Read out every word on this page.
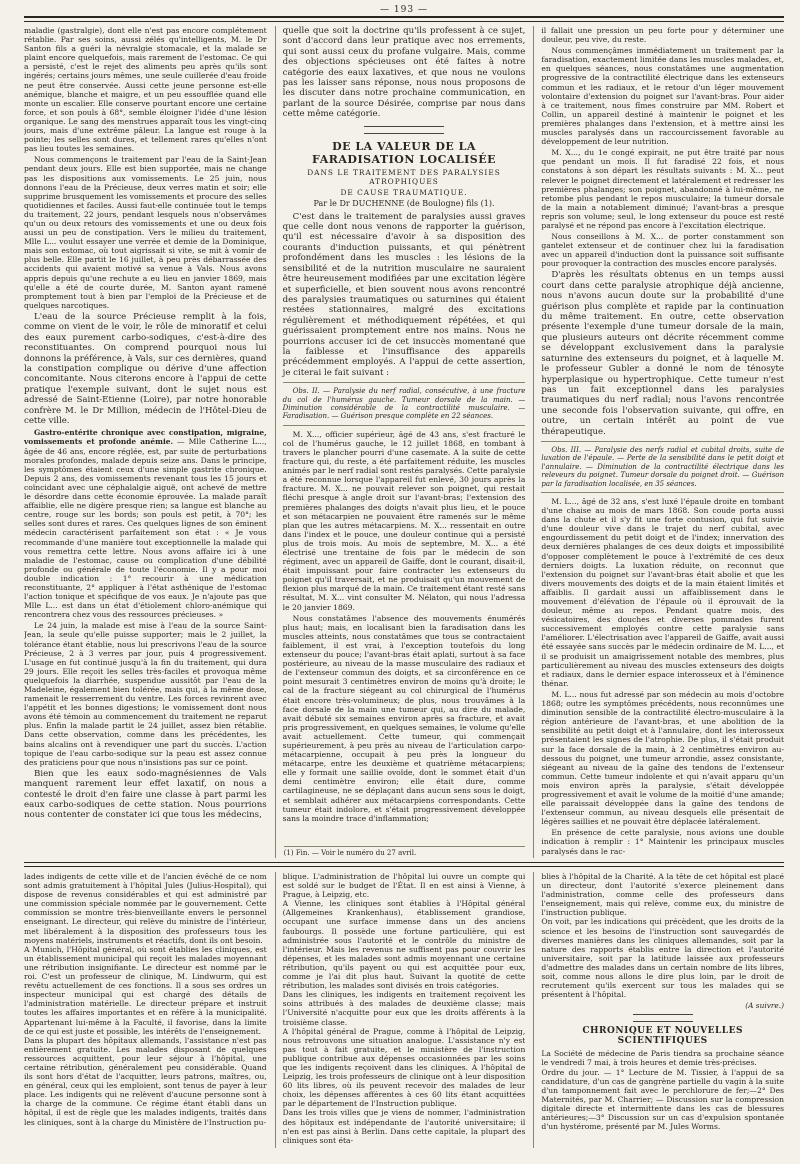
— 193 —

maladie (gastralgie), dont elle n'est pas encore complétement rétablie. Par ses soins, aussi zélés qu'intelligents, M. le Dr Santon fils a guéri la névralgie stomacale, et la malade se plaint encore quelquefois, mais rarement de l'estomac. Ce qui a persisté, c'est le rejet des aliments peu après qu'ils sont ingérés; certains jours mêmes, une seule cuillerée d'eau froide ne peut être conservée. Aussi cette jeune personne est-elle anémique, blanche et maigre, et un peu essoufflée quand elle monte un escalier. Elle conserve pourtant encore une certaine force, et son pouls à 68°, semble éloigner l'idée d'une lésion organique. Le sang des menstrues apparaît tous les vingt-cinq jours, mais d'une extrême pâleur. La langue est rouge à la pointe; les selles sont dures, et tellement rares qu'elles n'ont pas lieu toutes les semaines.

Nous commençons le traitement par l'eau de la Saint-Jean pendant deux jours. Elle est bien supportée, mais ne change pas les dispositions aux vomissements. Le 25 juin, nous donnons l'eau de la Précieuse, deux verres matin et soir; elle supprime brusquement les vomissements et procure des selles quotidiennes et faciles. Aussi faut-elle continuée tout le temps du traitement, 22 jours, pendant lesquels nous n'observâmes qu'un ou deux retours des vomissements et une ou deux fois aussi un peu de constipation. Vers le milieu du traitement, Mlle L... voulut essayer une verrée et demie de la Dominique, mais son estomac, où tout aigrissait si vite, se mit à vomir de plus belle. Elle partit le 16 juillet, à peu près débarrassée des accidents qui avaient motivé sa venue à Vals. Nous avons appris depuis qu'une rechute a eu lieu en janvier 1869, mais qu'elle a été de courte durée, M. Santon ayant ramené promptement tout à bien par l'emploi de la Précieuse et de quelques narcotiques.

L'eau de la source Précieuse remplit à la fois, comme on vient de le voir, le rôle de minoratif et celui des eaux purement carbo-sodiques, c'est-à-dire des reconstituantes. On comprend pourquoi nous lui donnons la préférence, à Vals, sur ces dernières, quand la constipation complique ou dérive d'une affection concomitante. Nous citerons encore à l'appui de cette pratique l'exemple suivant, dont le sujet nous est adressé de Saint-Etienne (Loire), par notre honorable confrère M. le Dr Million, médecin de l'Hôtel-Dieu de cette ville.

Gastro-entérite chronique avec constipation, migraine, vomissements et profonde anémie. — Mlle Catherine L..., âgée de 46 ans, encore réglée, est, par suite de perturbations morales profondes, malade depuis seize ans. Dans le principe, les symptômes étaient ceux d'une simple gastrite chronique. Depuis 2 ans, des vomissements revenant tous les 15 jours et coïncidant avec une céphalalgie aiguë, ont achevé de mettre le désordre dans cette économie éprouvée. La malade paraît affaiblie, elle ne digère presque rien; sa langue est blanche au centre, rouge sur les bords; son pouls est petit, à 70°; les selles sont dures et rares. Ces quelques lignes de son éminent médecin caractérisent parfaitement son état : « Je vous recommande d'une manière tout exceptionnelle la malade qui vous remettra cette lettre. Nous avons affaire ici à une maladie de l'estomac, cause ou complication d'une débilité profonde ou générale de toute l'économie. Il y a pour moi double indication : 1° recourir à une médication reconstituante, 2° appliquer à l'état asthénique de l'estomac l'action tonique et spécifique de vos eaux. Je n'ajoute pas que Mlle L... est dans un état d'étiolement chloro-anémique qui rencontrera chez vous des ressources précieuses. »

Le 24 juin, la malade est mise à l'eau de la source Saint-Jean, la seule qu'elle puisse supporter; mais le 2 juillet, la tolérance étant établie, nous lui prescrivons l'eau de la source Précieuse, 2 à 3 verres par jour, puis 4 progressivement. L'usage en fut continué jusqu'à la fin du traitement, qui dura 29 jours. Elle reçoit les selles très-faciles et provoqua même quelquefois la diarrhée, suspendue aussitôt par l'eau de la Madeleine, également bien tolérée, mais qui, à la même dose, ramenait le resserrement du ventre. Les forces revinrent avec l'appétit et les bonnes digestions; le vomissement dont nous avons été témoin au commencement du traitement ne reparut plus. Enfin la malade partit le 24 juillet, assez bien rétablie. Dans cette observation, comme dans les précédentes, les bains alcalins ont à revendiquer une part du succès. L'action topique de l'eau carbo-sodique sur la peau est assez connue des praticiens pour que nous n'insistions pas sur ce point.

Bien que les eaux sodo-magnésiennes de Vals manquent rarement leur effet laxatif, on nous a contesté le droit d'en faire une classe à part parmi les eaux carbo-sodiques de cette station. Nous pourrions nous contenter de constater ici que tous les médecins,

quelle que soit la doctrine qu'ils professent à ce sujet, sont d'accord dans leur pratique avec nos errements, qui sont aussi ceux du profane vulgaire. Mais, comme des objections spécieuses ont été faites à notre catégorie des eaux laxatives, et que nous ne voulons pas les laisser sans réponse, nous nous proposons de les discuter dans notre prochaine communication, en parlant de la source Désirée, comprise par nous dans cette même catégorie.

DE LA VALEUR DE LA FARADISATION LOCALISÉE
DANS LE TRAITEMENT DES PARALYSIES ATROPHIQUES
DE CAUSE TRAUMATIQUE.
Par le Dr DUCHENNE (de Boulogne) fils (1).

C'est dans le traitement de paralysies aussi graves que celle dont nous venons de rapporter la guérison, qu'il est nécessaire d'avoir à sa disposition des courants d'induction puissants, et qui pénètrent profondément dans les muscles : les lésions de la sensibilité et de la nutrition musculaire ne sauraient être heureusement modifiées par une excitation légère et superficielle, et bien souvent nous avons rencontré des paralysies traumatiques ou saturnines qui étaient restées stationnaires, malgré des excitations régulièrement et méthodiquement répétées, et qui guérissaient promptement entre nos mains. Nous ne pourrions accuser ici de cet insuccès momentané que la faiblesse et l'insuffisance des appareils précédemment employés. A l'appui de cette assertion, je citerai le fait suivant :

Obs. II. — Paralysie du nerf radial, consécutive, à une fracture du col de l'humérus gauche. Tumeur dorsale de la main. — Diminution considérable de la contractilité musculaire. — Faradisation. — Guérison presque complète en 22 séances.

M. X..., officier supérieur, âgé de 43 ans, s'est fracturé le col de l'humérus gauche, le 12 juillet 1868, en tombant à travers le plancher pourri d'une casemate. A la suite de cette fracture qui, du reste, a été parfaitement réduite, les muscles animés par le nerf radial sont restés paralysés. Cette paralysie a été reconnue lorsque l'appareil fut enlevé, 30 jours après la fracture. M. X... ne pouvait relever son poignet, qui restait fléchi presque à angle droit sur l'avant-bras; l'extension des premières phalanges des doigts n'avait plus lieu, et le pouce et son métacarpien ne pouvaient être ramenés sur le même plan que les autres métacarpiens. M. X... ressentait en outre dans l'index et le pouce, une douleur continue qui a persisté plus de trois mois. Au mois de septembre, M. X... a été électrisé une trentaine de fois par le médecin de son régiment, avec un appareil de Gaiffe, dont le courant, disait-il, était impuissant pour faire contracter les extenseurs du poignet qu'il traversait, et ne produisait qu'un mouvement de flexion plus marqué de la main. Ce traitement étant resté sans résultat, M. X... vint consulter M. Nélaton, qui nous l'adressa le 20 janvier 1869.

Nous constatâmes l'absence des mouvements énumérés plus haut; mais, en localisant bien la faradisation dans les muscles atteints, nous constatâmes que tous se contractaient faiblement, il est vrai, à l'exception toutefois du long extenseur du pouce; l'avant-bras était aplati, surtout à sa face postérieure, au niveau de la masse musculaire des radiaux et de l'extenseur commun des doigts, et sa circonférence en ce point mesurait 3 centimètres environ de moins qu'à droite; le cal de la fracture siégeant au col chirurgical de l'humérus était encore très-volumineux; de plus, nous trouvâmes à la face dorsale de la main une tumeur qui, au dire du malade, avait débuté six semaines environ après sa fracture, et avait pris progressivement, en quelques semaines, le volume qu'elle avait actuellement. Cette tumeur, qui commençait supérieurement, à peu près au niveau de l'articulation carpo-métacarpienne, occupait à peu près la longueur du métacarpe, entre les deuxième et quatrième métacarpiens; elle y formait une saillie ovoïde, dont le sommet était d'un demi centimètre environ; elle était dure, comme cartilagineuse, ne se déplaçant dans aucun sens sous le doigt, et semblait adhérer aux métacarpiens correspondants. Cette tumeur était indolore, et s'était progressivement développée sans la moindre trace d'inflammation;

(1) Fin. — Voir le numéro du 27 avril.

il fallait une pression un peu forte pour y déterminer une douleur, peu vive, du reste.

Nous commençâmes immédiatement un traitement par la faradisation, exactement limitée dans les muscles malades, et, en quelques séances, nous constatâmes une augmentation progressive de la contractilité électrique dans les extenseurs commun et les radiaux, et le retour d'un léger mouvement volontaire d'extension du poignet sur l'avant-bras. Pour aider à ce traitement, nous fîmes construire par MM. Robert et Collin, un appareil destiné à maintenir le poignet et les premières phalanges dans l'extension, et à mettre ainsi les muscles paralysés dans un raccourcissement favorable au développement de leur nutrition.

M. X..., du 1e congé expirait, ne put être traité par nous que pendant un mois. Il fut faradisé 22 fois, et nous constatons à son départ les résultats suivants : M. X... peut relever le poignet directement et latéralement et redresser les premières phalanges; son poignet, abandonné à lui-même, ne retombe plus pendant le repos musculaire; la tumeur dorsale de la main a notablement diminué; l'avant-bras a presque repris son volume; seul, le long extenseur du pouce est resté paralysé et ne répond pas encore à l'excitation électrique.

Nous conseillons à M. X... de porter constamment son gantelet extenseur et de continuer chez lui la faradisation avec un appareil d'induction dont la puissance soit suffisante pour provoquer la contraction des muscles encore paralysés.

D'après les résultats obtenus en un temps aussi court dans cette paralysie atrophique déjà ancienne, nous n'avons aucun doute sur la probabilité d'une guérison plus complète et rapide par la continuation du même traitement. En outre, cette observation présente l'exemple d'une tumeur dorsale de la main, que plusieurs auteurs ont décrite récemment comme se développant exclusivement dans la paralysie saturnine des extenseurs du poignet, et à laquelle M. le professeur Gubler a donné le nom de ténosyte hyperplasique ou hypertrophique. Cette tumeur n'est pas un fait exceptionnel dans les paralysies traumatiques du nerf radial; nous l'avons rencontrée une seconde fois l'observation suivante, qui offre, en outre, un certain intérêt au point de vue thérapeutique.

Obs. III. — Paralysie des nerfs radial et cubital droits, suite de luxation de l'épaule. — Perte de la sensibilité dans le petit doigt et l'annulaire. — Diminution de la contractilité électrique dans les releveurs du poignet. Tumeur dorsale du poignet droit. — Guérison par la faradisation localisée, en 35 séances.

M. L..., âgé de 32 ans, s'est luxé l'épaule droite en tombant d'une chaise au mois de mars 1868. Son coude porta aussi dans la chute et il s'y fit une forte contusion, qui fut suivie d'une douleur vive dans le trajet du nerf cubital, avec engourdissement du petit doigt et de l'index; innervation des deux dernières phalanges de ces deux doigts et impossibilité d'opposer complètement le pouce à l'extrémité de ces deux derniers doigts. La luxation réduite, on reconnut que l'extension du poignet sur l'avant-bras était abolie et que les divers mouvements des doigts et de la main étaient limités et affaiblis. Il gardait aussi un affaiblissement dans le mouvement d'élévation de l'épaule où il éprouvait de la douleur, même au repos. Pendant quatre mois, des vésicatoires, des douches et diverses pommades furent successivement employés contre cette paralysie sans l'améliorer. L'électrisation avec l'appareil de Gaiffe, avait aussi été essayée sans succès par le médecin ordinaire de M. L..., et il se produisit un amaigrissement notable des membres, plus particulièrement au niveau des muscles extenseurs des doigts et radiaux, dans le dernier espace interosseux et à l'éminence thénar.

M. L... nous fut adressé par son médecin au mois d'octobre 1868; outre les symptômes précédents, nous reconnûmes une diminution sensible de la contractilité électro-musculaire à la région antérieure de l'avant-bras, et une abolition de la sensibilité au petit doigt et à l'annulaire, dont les interosseux présentaient les signes de l'atrophie. De plus, il s'était produit sur la face dorsale de la main, à 2 centimètres environ au-dessous du poignet, une tumeur arrondie, assez consistante, siégeant au niveau de la gaîne des tendons de l'extenseur commun. Cette tumeur indolente et qui n'avait apparu qu'un mois environ après la paralysie, s'était développée progressivement et avait le volume de la moitié d'une amande; elle paraissait développée dans la gaîne des tendons de l'extenseur commun, au niveau desquels elle présentait de légères saillies et ne pouvait être déplacée latéralement.

En présence de cette paralysie, nous avions une double indication à remplir : 1° Maintenir les principaux muscles paralysés dans le rac-

lades indigents de cette ville et de l'ancien évêché de ce nom sont admis gratuitement à l'hôpital Jules (Julius-Hospital), qui dispose de revenus considérables et qui est administré par une commission spéciale nommée par le gouvernement. Cette commission se montre très-bienveillante envers le personnel enseignant. Le directeur, qui relève du ministre de l'intérieur, met libéralement à la disposition des professeurs tous les moyens matériels, instruments et réactifs, dont ils ont besoin.
A Munich, l'Hôpital général, où sont établies les cliniques, est un établissement municipal qui reçoit les malades moyennant une rétribution insignifiante. Le directeur est nommé par le roi. C'est un professeur de clinique, M. Lindwurm, qui est revêtu actuellement de ces fonctions. Il a sous ses ordres un inspecteur municipal qui est chargé des détails de l'administration matérielle. Le directeur prépare et instruit toutes les affaires importantes et en réfère à la municipalité. Appartenant lui-même à la Faculté, il favorise, dans la limite de ce qui est juste et possible, les intérêts de l'enseignement.
Dans la plupart des hôpitaux allemands, l'assistance n'est pas entièrement gratuite. Les malades disposant de quelques ressources acquittent, pour leur séjour à l'hôpital, une certaine rétribution, généralement peu considérable. Quand ils sont hors d'état de l'acquitter, leurs patrons, maîtres, ou, en général, ceux qui les emploient, sont tenus de payer à leur place. Les indigents qui ne relèvent d'aucune personne sont à la charge de la commune. Ce régime étant établi dans un hôpital, il est de règle que les malades indigents, traités dans les cliniques, sont à la charge du Ministère de l'Instruction pu-

blique. L'administration de l'hôpital lui ouvre un compte qui est soldé sur le budget de l'État. Il en est ainsi à Vienne, à Prague, à Leipzig, etc.
A Vienne, les cliniques sont établies à l'Hôpital général (Allgemeines Krankenhaus), établissement grandiose, occupant une surface immense dans un des anciens faubourgs. Il possède une fortune particulière, qui est administrée sous l'autorité et le contrôle du ministre de l'intérieur. Mais les revenus ne suffisent pas pour couvrir les dépenses, et les malades sont admis moyennant une certaine rétribution, qu'ils payent ou qui est acquittée pour eux, comme je l'ai dit plus haut. Suivant la quotité de cette rétribution, les malades sont divisés en trois catégories.
Dans les cliniques, les indigents en traitement reçoivent les soins attribués à des malades de deuxième classe; mais l'Université n'acquitte pour eux que les droits afférents à la troisième classe.
A l'hôpital général de Prague, comme à l'hôpital de Leipzig, nous retrouvons une situation analogue. L'assistance n'y est pas tout à fait gratuite, et le ministère de l'instruction publique contribue aux dépenses occasionnées par les soins que les indigents reçoivent dans les cliniques. A l'hôpital de Leipzig, les trois professeurs de clinique ont à leur disposition 60 lits libres, où ils peuvent recevoir des malades de leur choix, les dépenses afférentes à ces 60 lits étant acquittées par le département de l'Instruction publique.
Dans les trois villes que je viens de nommer, l'administration des hôpitaux est indépendante de l'autorité universitaire; il n'en est pas ainsi à Berlin. Dans cette capitale, la plupart des cliniques sont éta-

blies à l'hôpital de la Charité. A la tête de cet hôpital est placé un directeur, dont l'autorité s'exerce pleinement dans l'administration, comme celle des professeurs dans l'enseignement, mais qui relève, comme eux, du ministre de l'instruction publique.
On voit, par les indications qui précèdent, que les droits de la science et les besoins de l'instruction sont sauvegardés de diverses manières dans les cliniques allemandes, soit par la nature des rapports établis entre la direction et l'autorité universitaire, soit par la latitude laissée aux professeurs d'admettre des malades dans un certain nombre de lits libres, soit, comme nous allons le dire plus loin, par le droit de recrutement qu'ils exercent sur tous les malades qui se présentent à l'hôpital.

(A suivre.)
CHRONIQUE ET NOUVELLES SCIENTIFIQUES

La Société de médecine de Paris tiendra sa prochaine séance le vendredi 7 mai, à trois heures et demie très-précises.
Ordre du jour. — 1° Lecture de M. Tissier, à l'appui de sa candidature, d'un cas de gangrène partielle du vagin à la suite d'un tamponnement fait avec le perchlorure de fer;—2° Des Maternités, par M. Charrier; — Discussion sur la compression digitale directe et intermittente dans les cas de blessures antérieures;—3° Discussion sur un cas d'expulsion spontanée d'un hystérome, présenté par M. Jules Worms.
